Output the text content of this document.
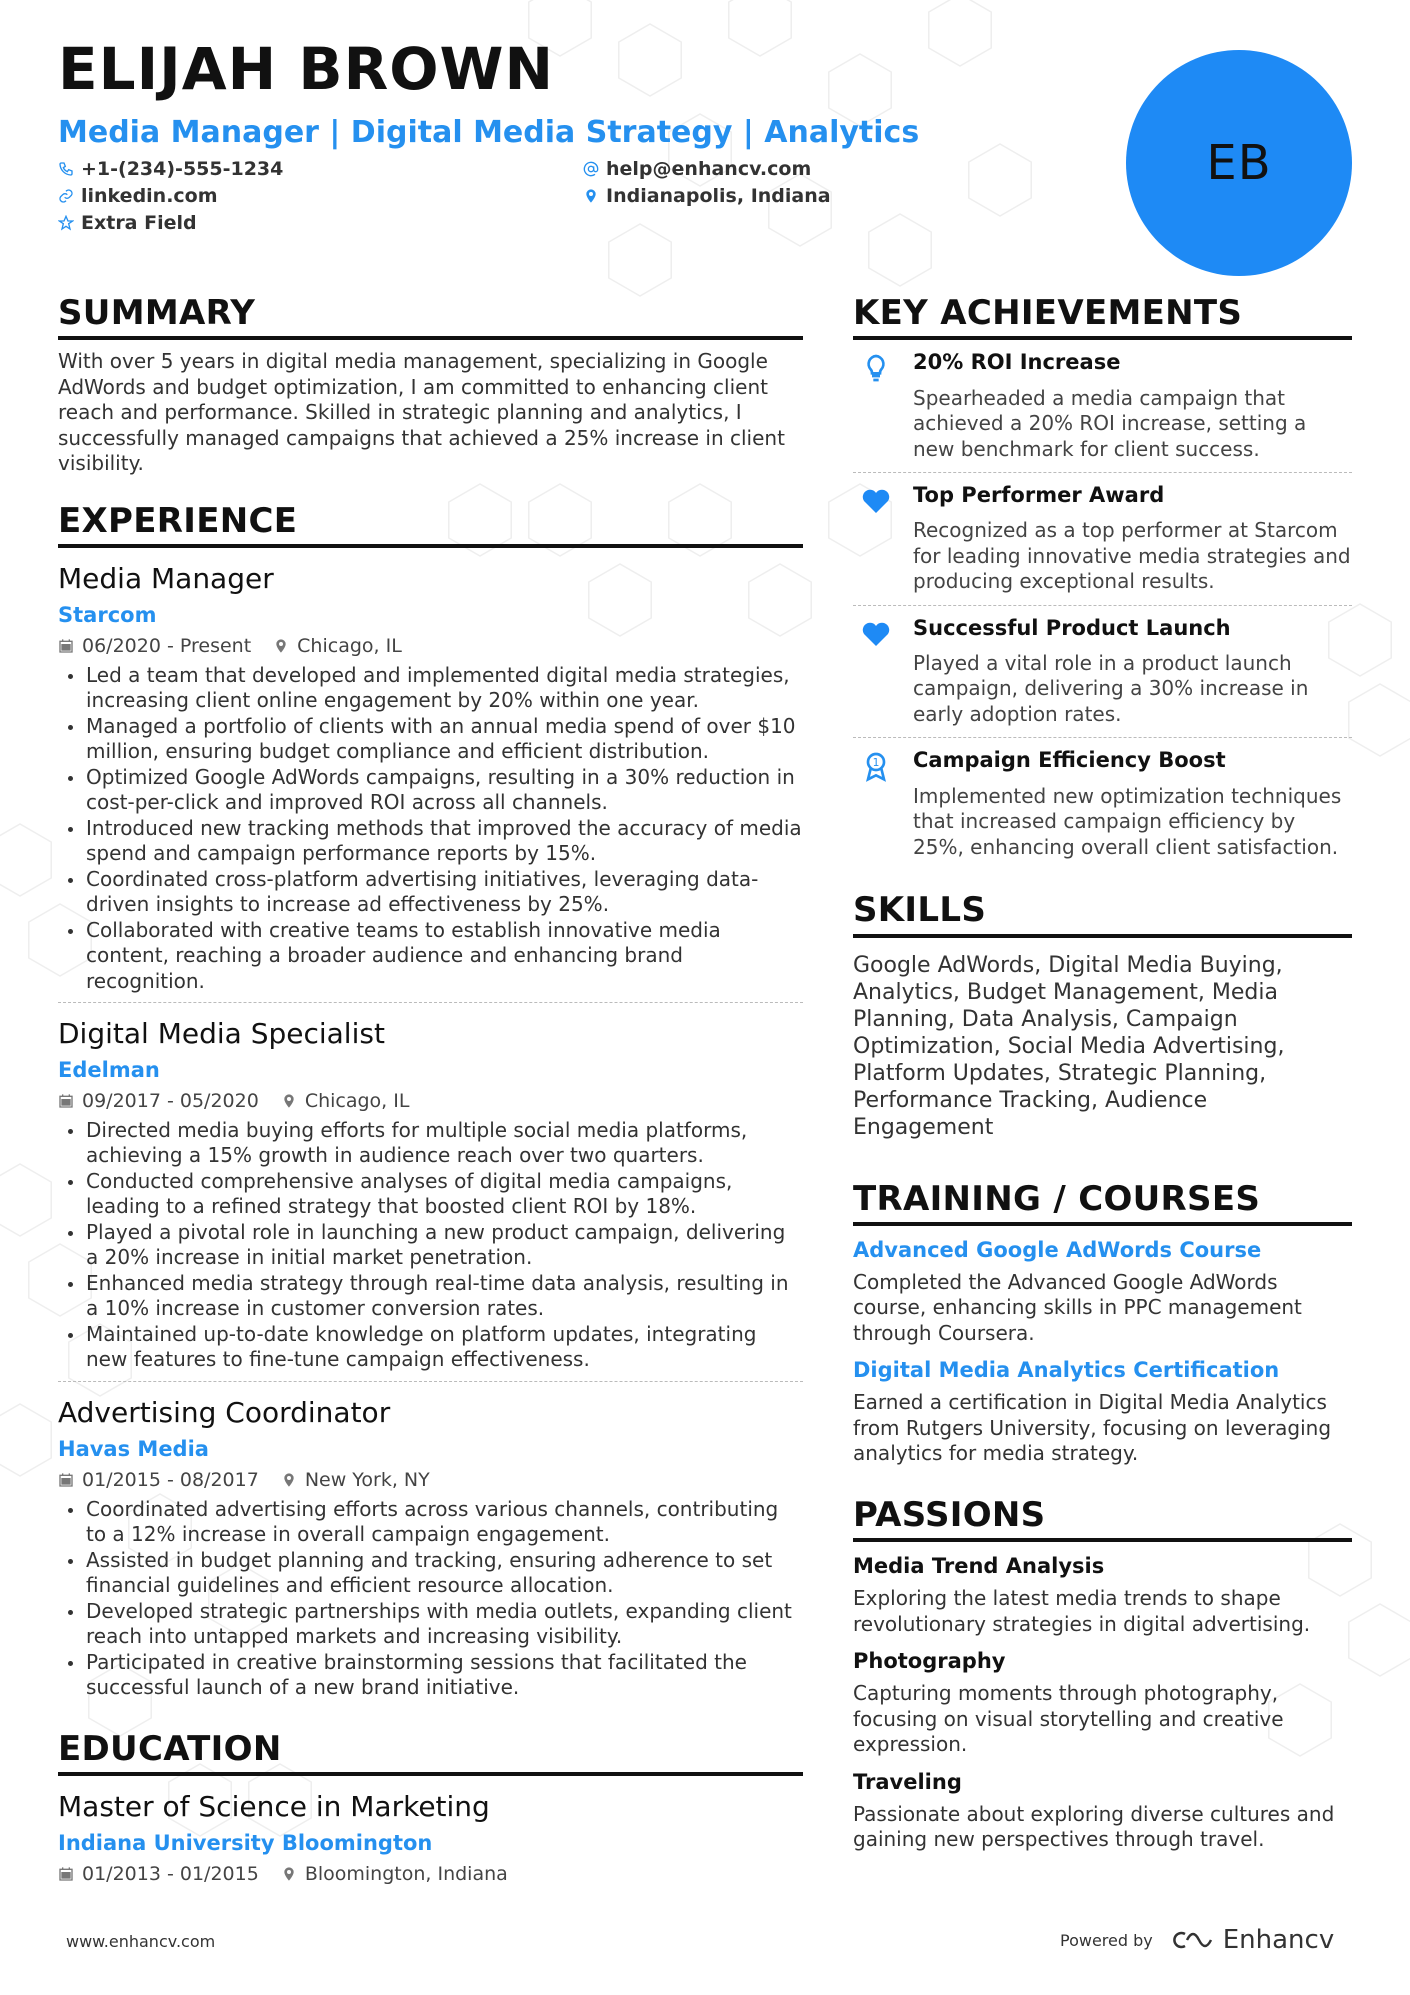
ELIJAH BROWN
Media Manager | Digital Media Strategy | Analytics
+1-(234)-555-1234	help@enhancv.com
linkedin.com	Indianapolis, Indiana
Extra Field
EB
SUMMARY
With over 5 years in digital media management, specializing in Google AdWords and budget optimization, I am committed to enhancing client reach and performance. Skilled in strategic planning and analytics, I successfully managed campaigns that achieved a 25% increase in client visibility.
EXPERIENCE
Media Manager
Starcom
06/2020 - Present Chicago, IL
Led a team that developed and implemented digital media strategies, increasing client online engagement by 20% within one year.
Managed a portfolio of clients with an annual media spend of over $10 million, ensuring budget compliance and efficient distribution.
Optimized Google AdWords campaigns, resulting in a 30% reduction in cost-per-click and improved ROI across all channels.
Introduced new tracking methods that improved the accuracy of media spend and campaign performance reports by 15%.
Coordinated cross-platform advertising initiatives, leveraging data-driven insights to increase ad effectiveness by 25%.
Collaborated with creative teams to establish innovative media content, reaching a broader audience and enhancing brand recognition.
Digital Media Specialist
Edelman
09/2017 - 05/2020 Chicago, IL
Directed media buying efforts for multiple social media platforms, achieving a 15% growth in audience reach over two quarters.
Conducted comprehensive analyses of digital media campaigns, leading to a refined strategy that boosted client ROI by 18%.
Played a pivotal role in launching a new product campaign, delivering a 20% increase in initial market penetration.
Enhanced media strategy through real-time data analysis, resulting in a 10% increase in customer conversion rates.
Maintained up-to-date knowledge on platform updates, integrating new features to fine-tune campaign effectiveness.
Advertising Coordinator
Havas Media
01/2015 - 08/2017 New York, NY
Coordinated advertising efforts across various channels, contributing to a 12% increase in overall campaign engagement.
Assisted in budget planning and tracking, ensuring adherence to set financial guidelines and efficient resource allocation.
Developed strategic partnerships with media outlets, expanding client reach into untapped markets and increasing visibility.
Participated in creative brainstorming sessions that facilitated the successful launch of a new brand initiative.
EDUCATION
Master of Science in Marketing
Indiana University Bloomington
01/2013 - 01/2015 Bloomington, Indiana
KEY ACHIEVEMENTS
20% ROI Increase
Spearheaded a media campaign that achieved a 20% ROI increase, setting a new benchmark for client success.
Top Performer Award
Recognized as a top performer at Starcom for leading innovative media strategies and producing exceptional results.
Successful Product Launch
Played a vital role in a product launch campaign, delivering a 30% increase in early adoption rates.
1 Campaign Efficiency Boost
Implemented new optimization techniques that increased campaign efficiency by 25%, enhancing overall client satisfaction.
SKILLS
Google AdWords, Digital Media Buying, Analytics, Budget Management, Media Planning, Data Analysis, Campaign Optimization, Social Media Advertising, Platform Updates, Strategic Planning, Performance Tracking, Audience Engagement
TRAINING / COURSES
Advanced Google AdWords Course
Completed the Advanced Google AdWords course, enhancing skills in PPC management through Coursera.
Digital Media Analytics Certification
Earned a certification in Digital Media Analytics from Rutgers University, focusing on leveraging analytics for media strategy.
PASSIONS
Media Trend Analysis
Exploring the latest media trends to shape revolutionary strategies in digital advertising.
Photography
Capturing moments through photography, focusing on visual storytelling and creative expression.
Traveling
Passionate about exploring diverse cultures and gaining new perspectives through travel.
www.enhancv.com	Powered by	Enhancv
